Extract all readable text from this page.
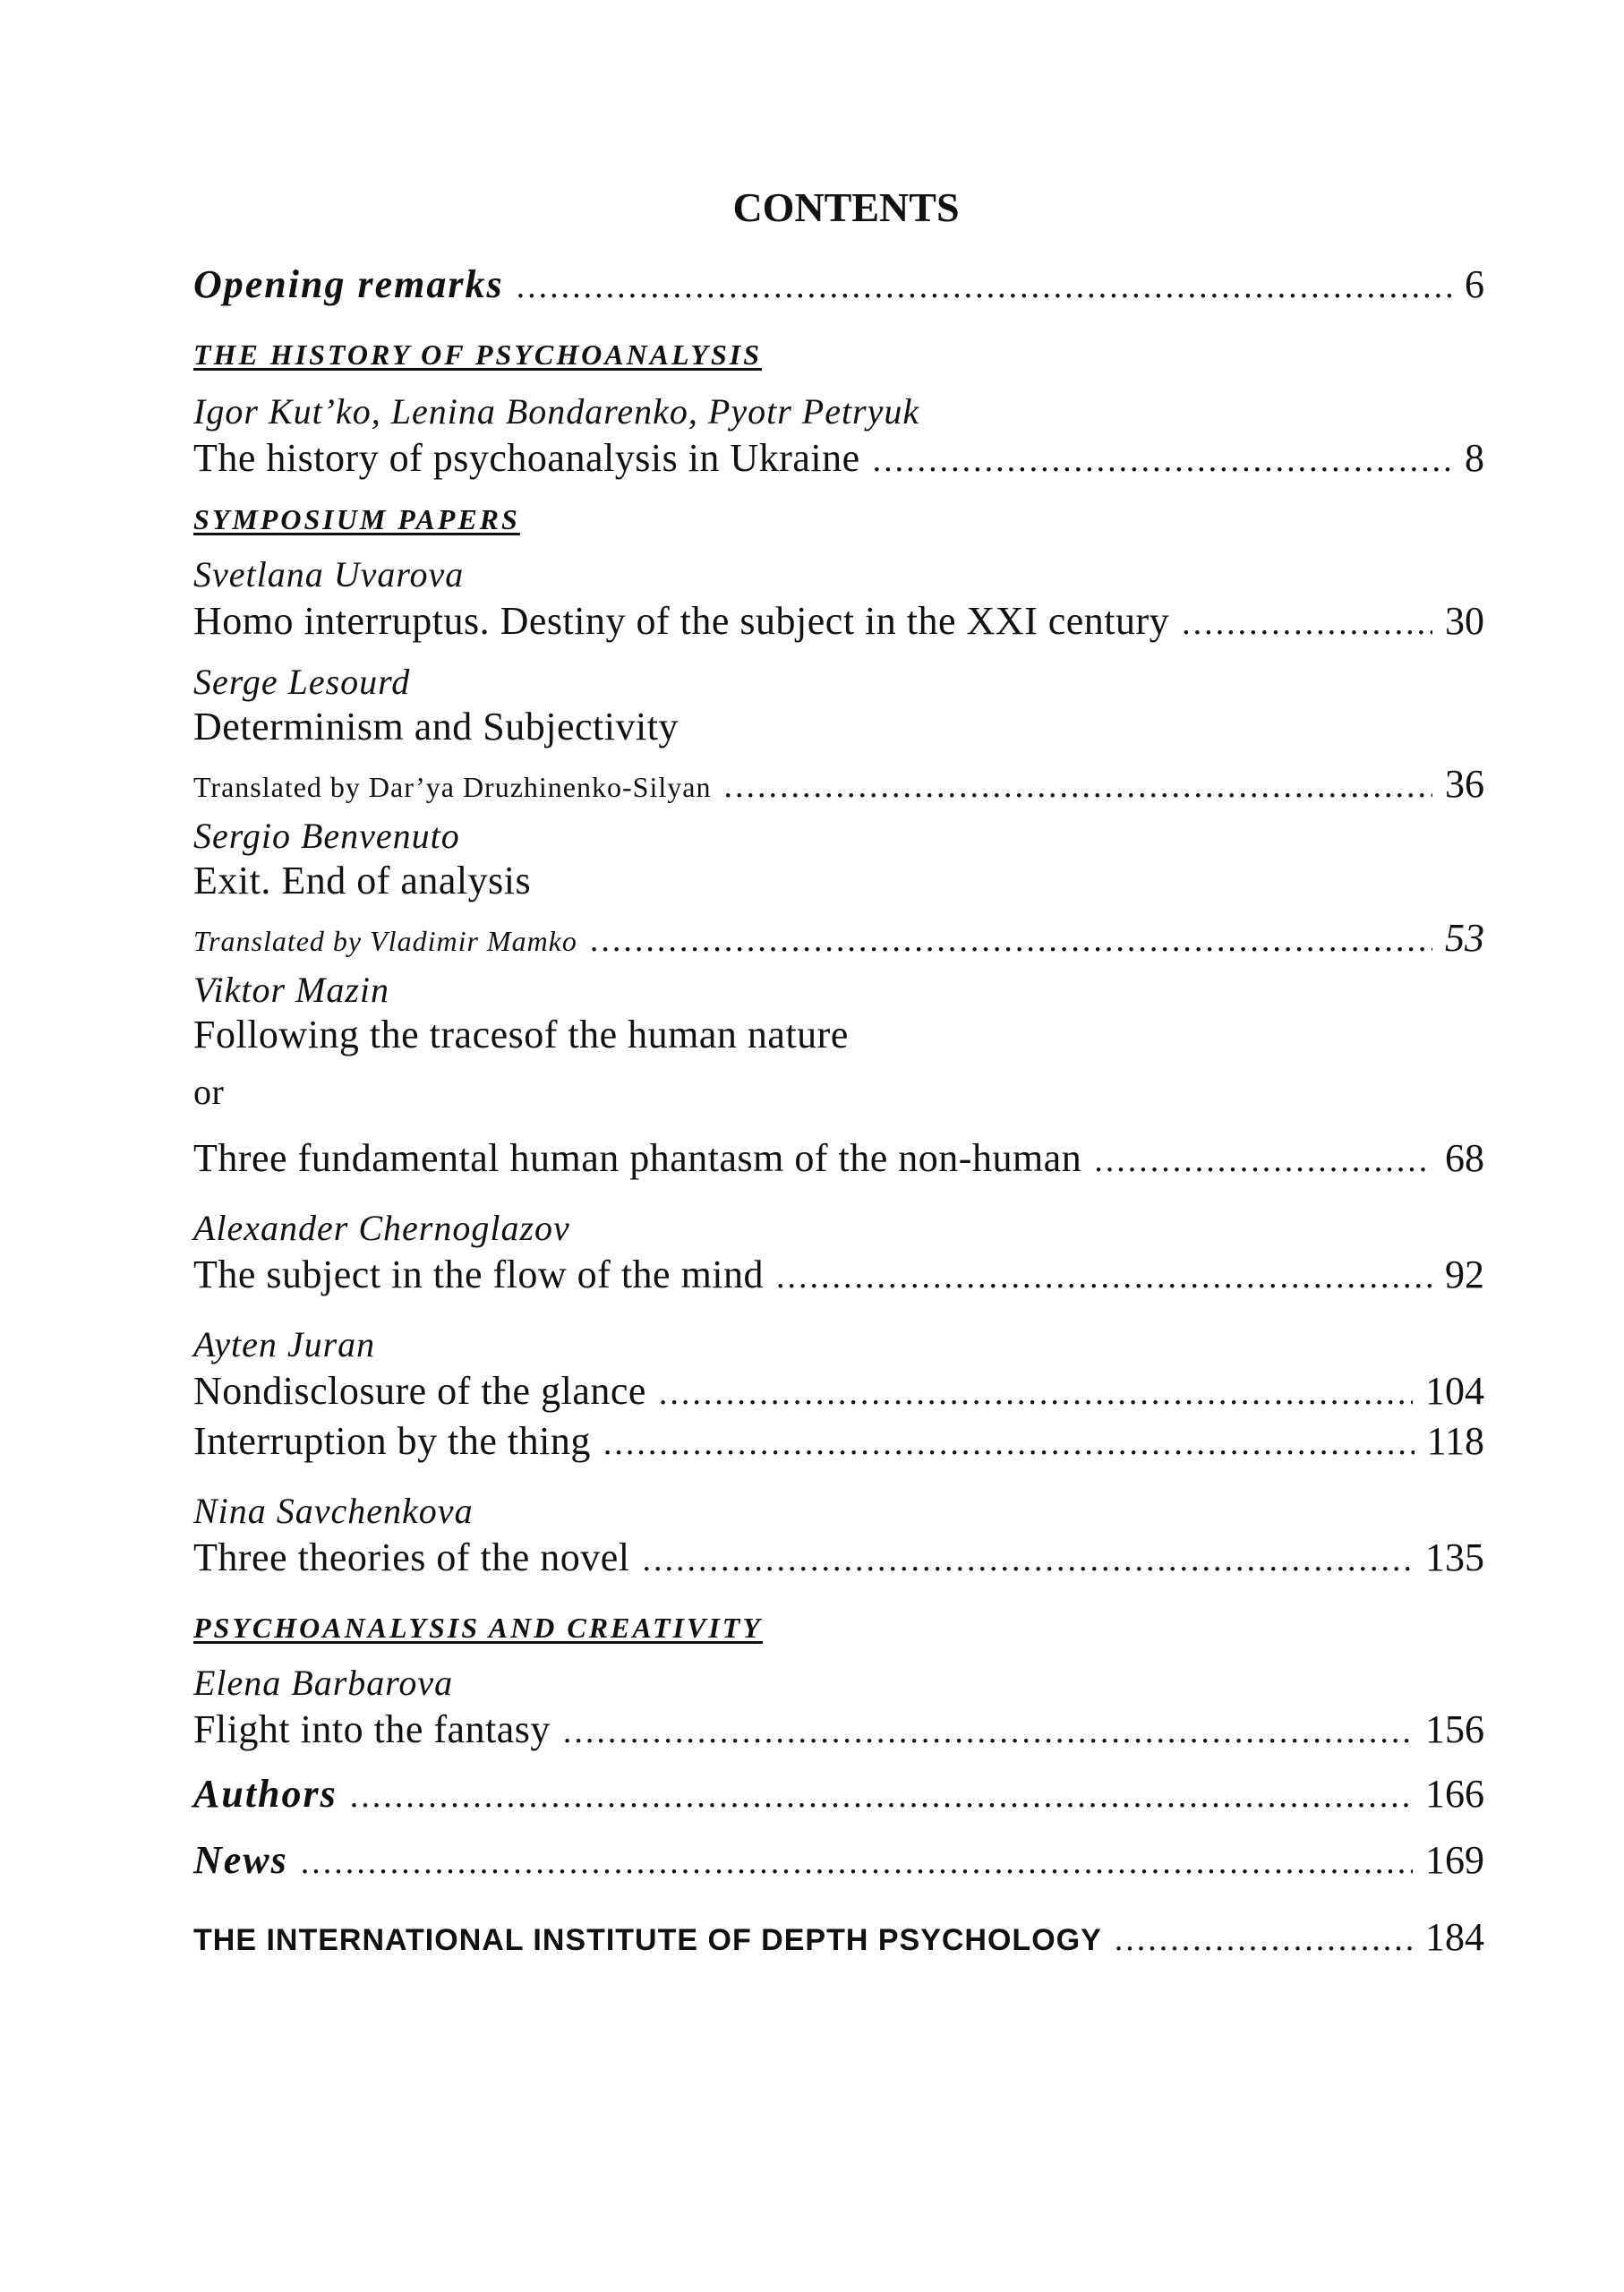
CONTENTS
Opening remarks .....	6
THE HISTORY OF PSYCHOANALYSIS
Igor Kut’ko, Lenina Bondarenko, Pyotr Petryuk
The history of psychoanalysis in Ukraine .....	8
SYMPOSIUM PAPERS
Svetlana Uvarova
Homo interruptus. Destiny of the subject in the XXI century .....	30
Serge Lesourd
Determinism and Subjectivity
Translated by Dar’ya Druzhinenko-Silyan .....	36
Sergio Benvenuto
Exit. End of analysis
Translated by Vladimir Mamko .....	53
Viktor Mazin
Following the tracesof the human nature
or
Three fundamental human phantasm of the non-human .....	68
Alexander Chernoglazov
The subject in the flow of the mind .....	92
Ayten Juran
Nondisclosure of the glance .....	104
Interruption by the thing .....	118
Nina Savchenkova
Three theories of the novel .....	135
PSYCHOANALYSIS AND CREATIVITY
Elena Barbarova
Flight into the fantasy .....	156
Authors .....	166
News .....	169
THE INTERNATIONAL INSTITUTE OF DEPTH PSYCHOLOGY .....	184
